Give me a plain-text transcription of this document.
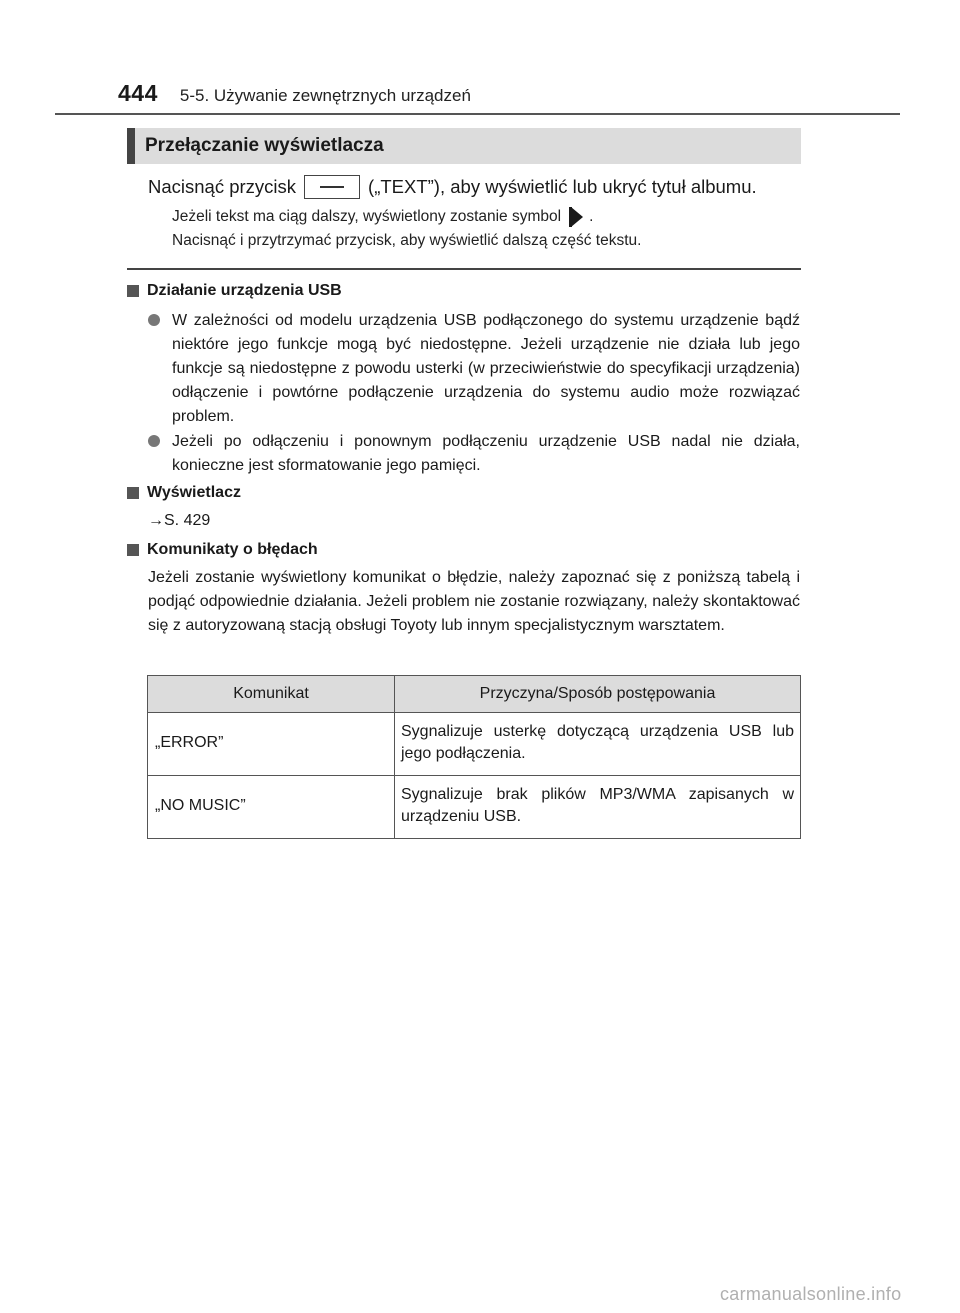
444 5-5. Używanie zewnętrznych urządzeń
Przełączanie wyświetlacza
Nacisnąć przycisk	(„TEXT”), aby wyświetlić lub ukryć tytuł albumu.
Jeżeli tekst ma ciąg dalszy, wyświetlony zostanie symbol .
Nacisnąć i przytrzymać przycisk, aby wyświetlić dalszą część tekstu.
Działanie urządzenia USB
W zależności od modelu urządzenia USB podłączonego do systemu urządzenie bądź niektóre jego funkcje mogą być niedostępne. Jeżeli urządzenie nie działa lub jego funkcje są niedostępne z powodu usterki (w przeciwieństwie do specyfikacji urządzenia) odłączenie i powtórne podłączenie urządzenia do systemu audio może rozwiązać problem.
Jeżeli po odłączeniu i ponownym podłączeniu urządzenie USB nadal nie działa, konieczne jest sformatowanie jego pamięci.
Wyświetlacz
→S. 429
Komunikaty o błędach
Jeżeli zostanie wyświetlony komunikat o błędzie, należy zapoznać się z poniższą tabelą i podjąć odpowiednie działania. Jeżeli problem nie zostanie rozwiązany, należy skontaktować się z autoryzowaną stacją obsługi Toyoty lub innym specjalistycznym warsztatem.
Komunikat	Przyczyna/Sposób postępowania
„ERROR”	Sygnalizuje usterkę dotyczącą urządzenia USB lub jego podłączenia.
„NO MUSIC”	Sygnalizuje brak plików MP3/WMA zapisanych w urządzeniu USB.
carmanualsonline.info
